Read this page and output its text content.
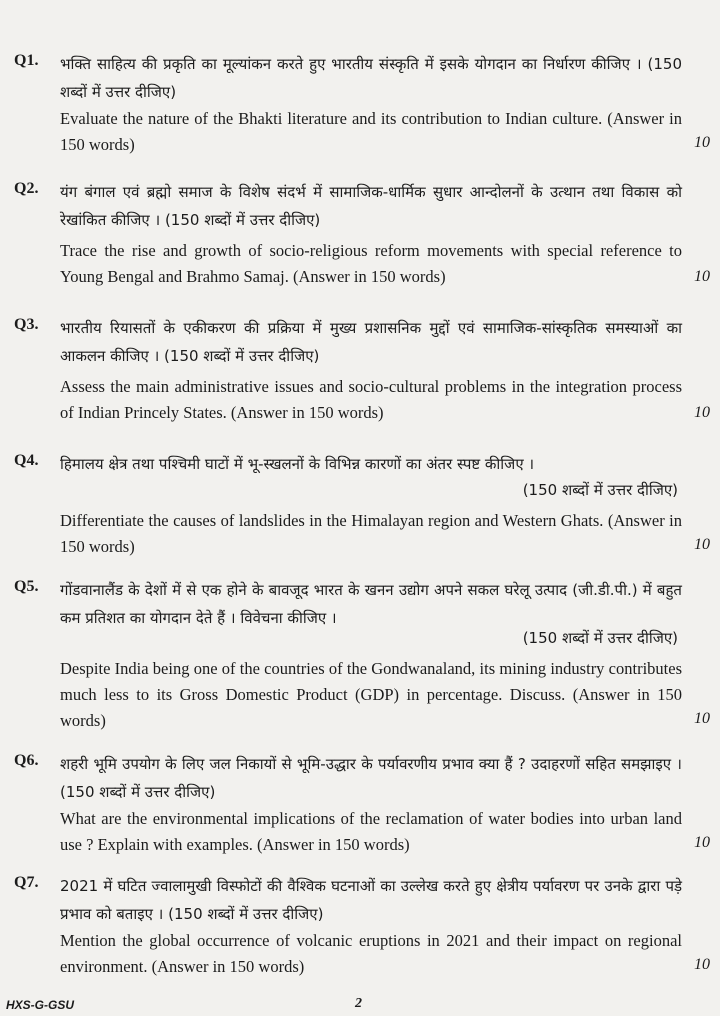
Q1. भक्ति साहित्य की प्रकृति का मूल्यांकन करते हुए भारतीय संस्कृति में इसके योगदान का निर्धारण कीजिए । (150 शब्दों में उत्तर दीजिए)
Evaluate the nature of the Bhakti literature and its contribution to Indian culture. (Answer in 150 words)	10
Q2. यंग बंगाल एवं ब्रह्मो समाज के विशेष संदर्भ में सामाजिक-धार्मिक सुधार आन्दोलनों के उत्थान तथा विकास को रेखांकित कीजिए । (150 शब्दों में उत्तर दीजिए)
Trace the rise and growth of socio-religious reform movements with special reference to Young Bengal and Brahmo Samaj. (Answer in 150 words)	10
Q3. भारतीय रियासतों के एकीकरण की प्रक्रिया में मुख्य प्रशासनिक मुद्दों एवं सामाजिक-सांस्कृतिक समस्याओं का आकलन कीजिए । (150 शब्दों में उत्तर दीजिए)
Assess the main administrative issues and socio-cultural problems in the integration process of Indian Princely States. (Answer in 150 words)	10
Q4. हिमालय क्षेत्र तथा पश्चिमी घाटों में भू-स्खलनों के विभिन्न कारणों का अंतर स्पष्ट कीजिए ।
(150 शब्दों में उत्तर दीजिए)
Differentiate the causes of landslides in the Himalayan region and Western Ghats. (Answer in 150 words)	10
Q5. गोंडवानालैंड के देशों में से एक होने के बावजूद भारत के खनन उद्योग अपने सकल घरेलू उत्पाद (जी.डी.पी.) में बहुत कम प्रतिशत का योगदान देते हैं । विवेचना कीजिए ।
(150 शब्दों में उत्तर दीजिए)
Despite India being one of the countries of the Gondwanaland, its mining industry contributes much less to its Gross Domestic Product (GDP) in percentage. Discuss. (Answer in 150 words)	10
Q6. शहरी भूमि उपयोग के लिए जल निकायों से भूमि-उद्धार के पर्यावरणीय प्रभाव क्या हैं ? उदाहरणों सहित समझाइए । (150 शब्दों में उत्तर दीजिए)
What are the environmental implications of the reclamation of water bodies into urban land use ? Explain with examples. (Answer in 150 words)	10
Q7. 2021 में घटित ज्वालामुखी विस्फोटों की वैश्विक घटनाओं का उल्लेख करते हुए क्षेत्रीय पर्यावरण पर उनके द्वारा पड़े प्रभाव को बताइए । (150 शब्दों में उत्तर दीजिए)
Mention the global occurrence of volcanic eruptions in 2021 and their impact on regional environment. (Answer in 150 words)	10
HXS-G-GSU	2
